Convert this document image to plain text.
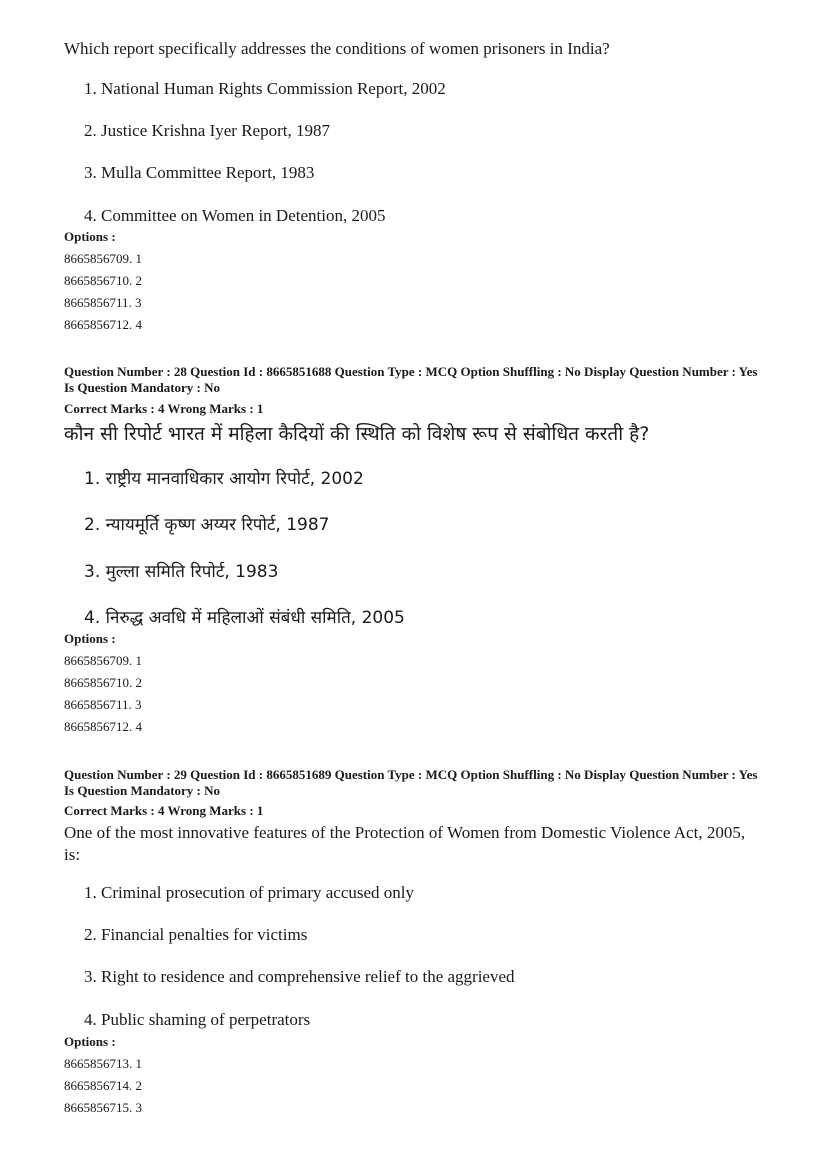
Which report specifically addresses the conditions of women prisoners in India?
1. National Human Rights Commission Report, 2002
2. Justice Krishna Iyer Report, 1987
3. Mulla Committee Report, 1983
4. Committee on Women in Detention, 2005
Options :
8665856709. 1
8665856710. 2
8665856711. 3
8665856712. 4
Question Number : 28 Question Id : 8665851688 Question Type : MCQ Option Shuffling : No Display Question Number : Yes Is Question Mandatory : No
Correct Marks : 4 Wrong Marks : 1
कौन सी रिपोर्ट भारत में महिला कैदियों की स्थिति को विशेष रूप से संबोधित करती है?
1. राष्ट्रीय मानवाधिकार आयोग रिपोर्ट, 2002
2. न्यायमूर्ति कृष्ण अय्यर रिपोर्ट, 1987
3. मुल्ला समिति रिपोर्ट, 1983
4. निरुद्ध अवधि में महिलाओं संबंधी समिति, 2005
Options :
8665856709. 1
8665856710. 2
8665856711. 3
8665856712. 4
Question Number : 29 Question Id : 8665851689 Question Type : MCQ Option Shuffling : No Display Question Number : Yes Is Question Mandatory : No
Correct Marks : 4 Wrong Marks : 1
One of the most innovative features of the Protection of Women from Domestic Violence Act, 2005, is:
1. Criminal prosecution of primary accused only
2. Financial penalties for victims
3. Right to residence and comprehensive relief to the aggrieved
4. Public shaming of perpetrators
Options :
8665856713. 1
8665856714. 2
8665856715. 3
